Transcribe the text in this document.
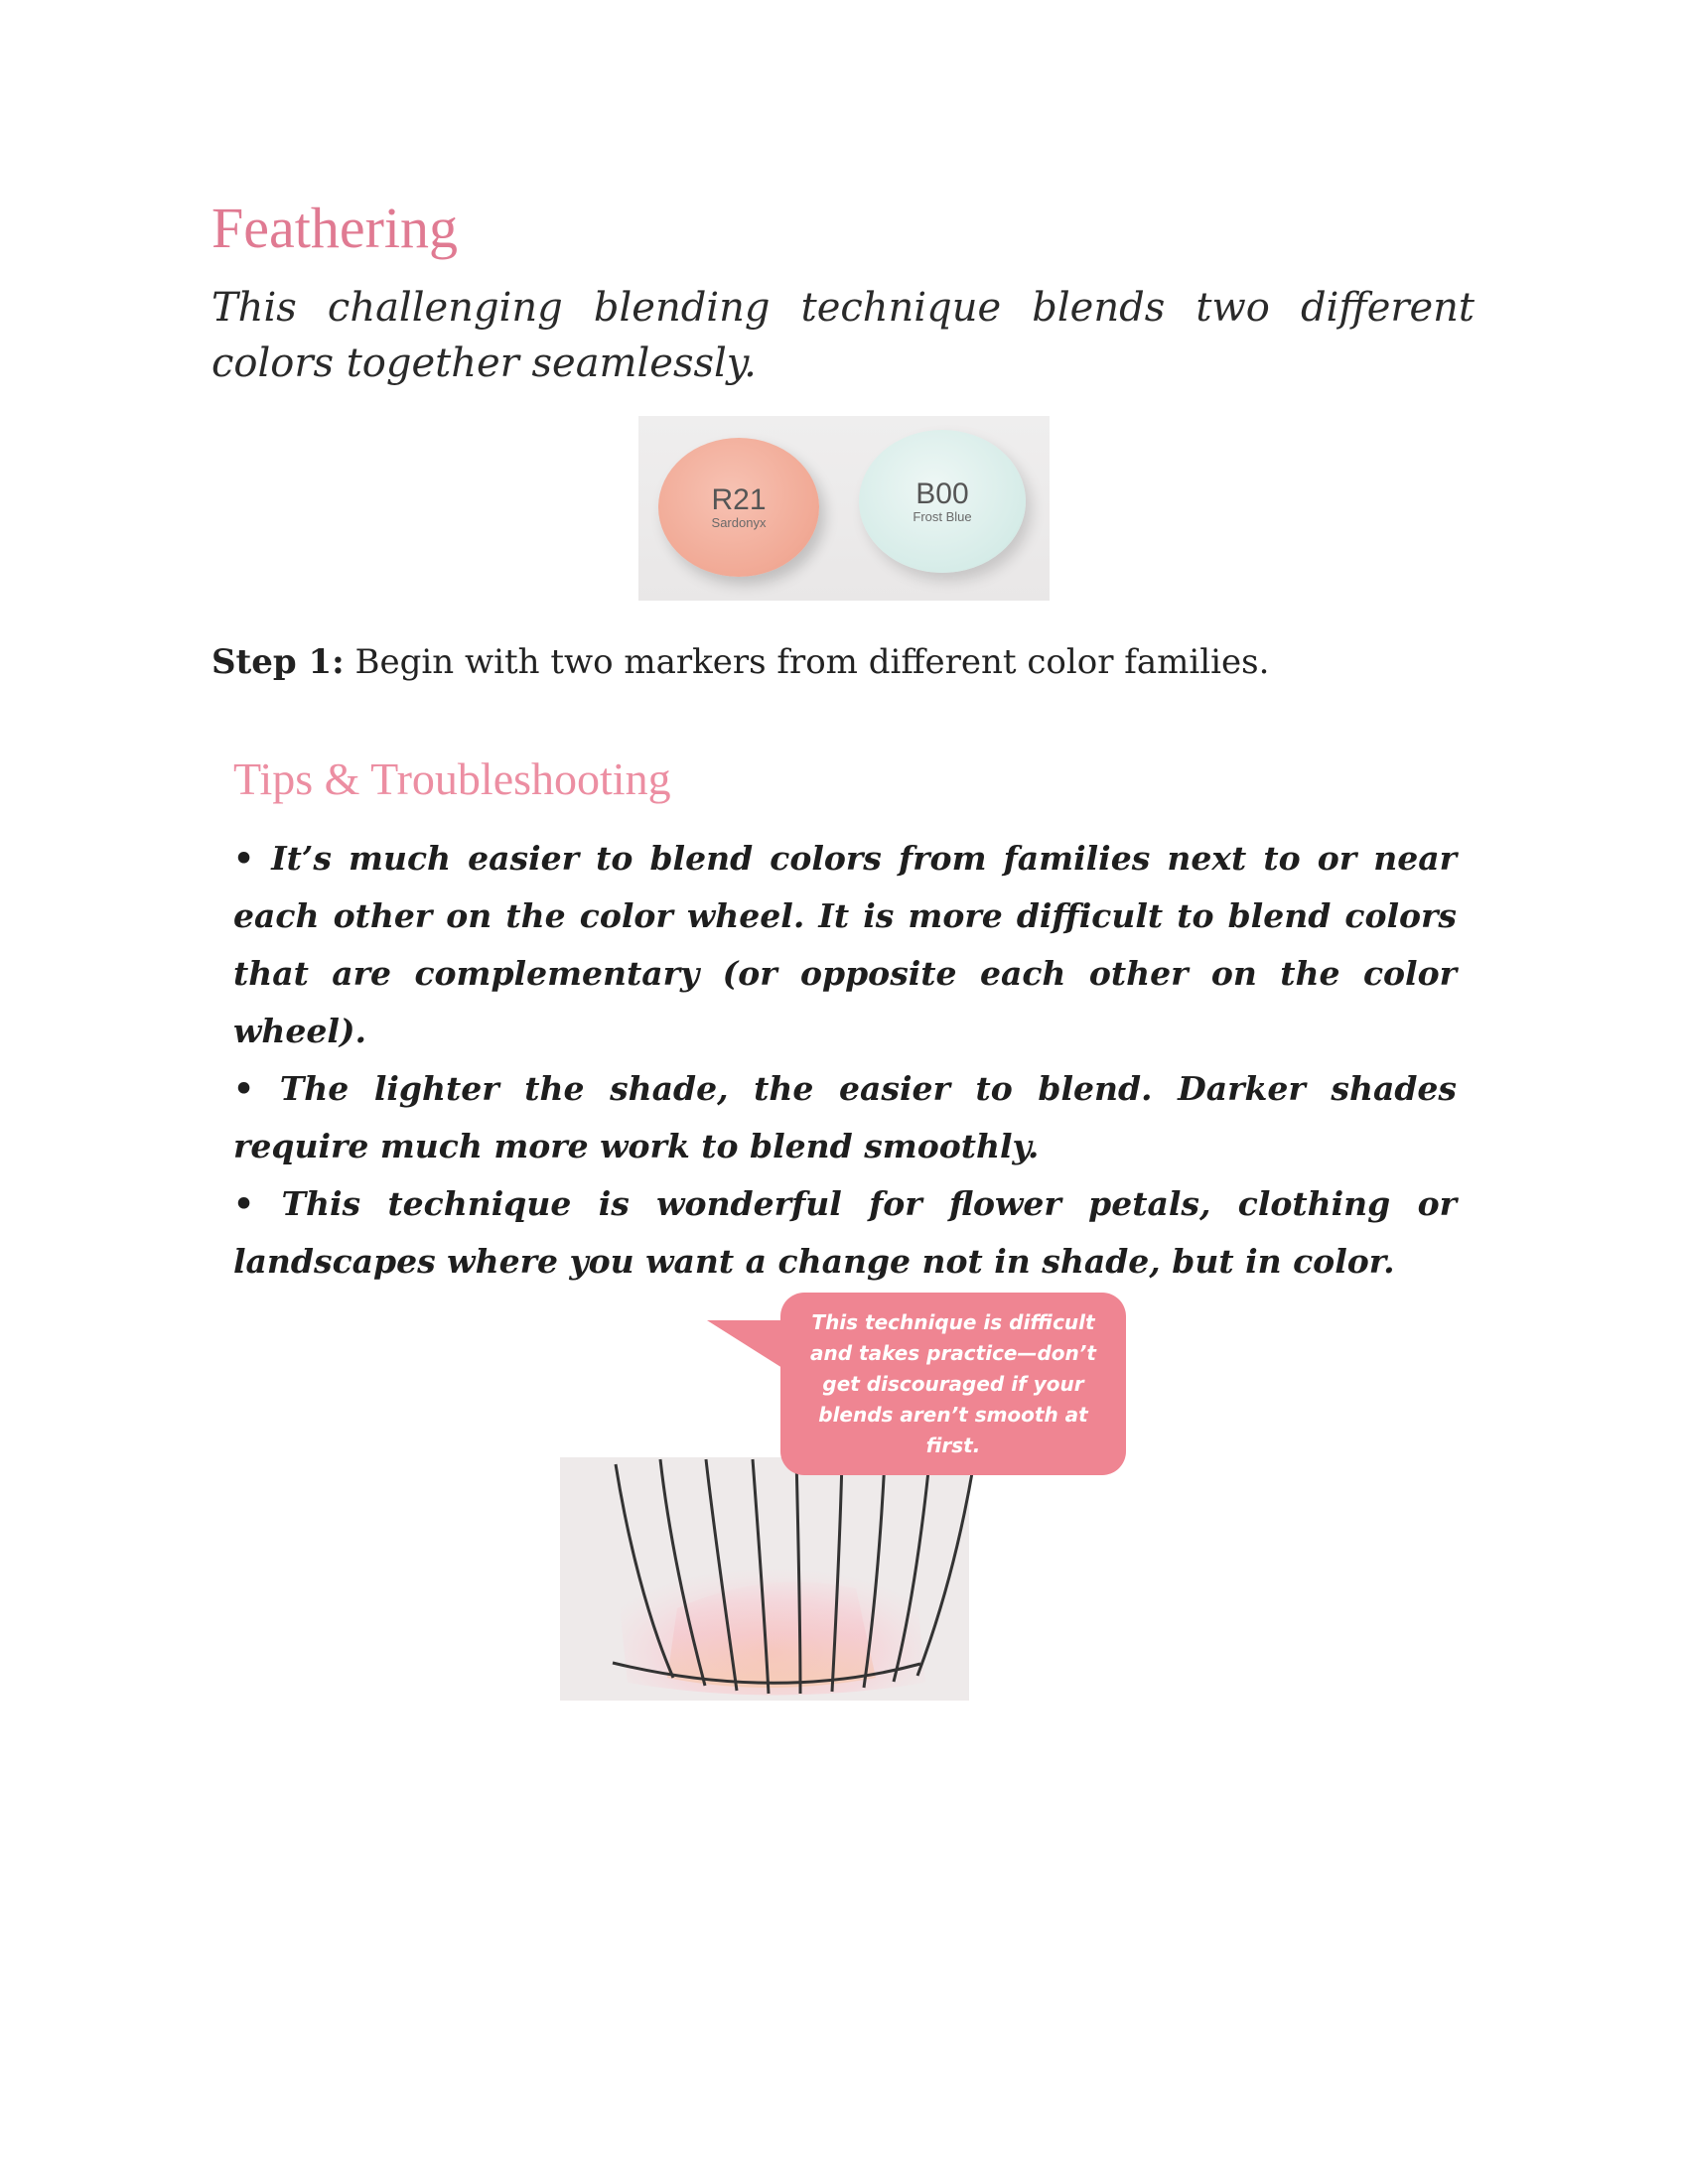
Feathering

This challenging blending technique blends two different colors together seamlessly.

R21
Sardonyx
B00
Frost Blue

Step 1: Begin with two markers from different color families.

Tips & Troubleshooting
• It’s much easier to blend colors from families next to or near each other on the color wheel. It is more difficult to blend colors that are complementary (or opposite each other on the color wheel).
• The lighter the shade, the easier to blend. Darker shades require much more work to blend smoothly.
• This technique is wonderful for flower petals, clothing or landscapes where you want a change not in shade, but in color.
This technique is difficult and takes practice—don’t get discouraged if your blends aren’t smooth at first.
